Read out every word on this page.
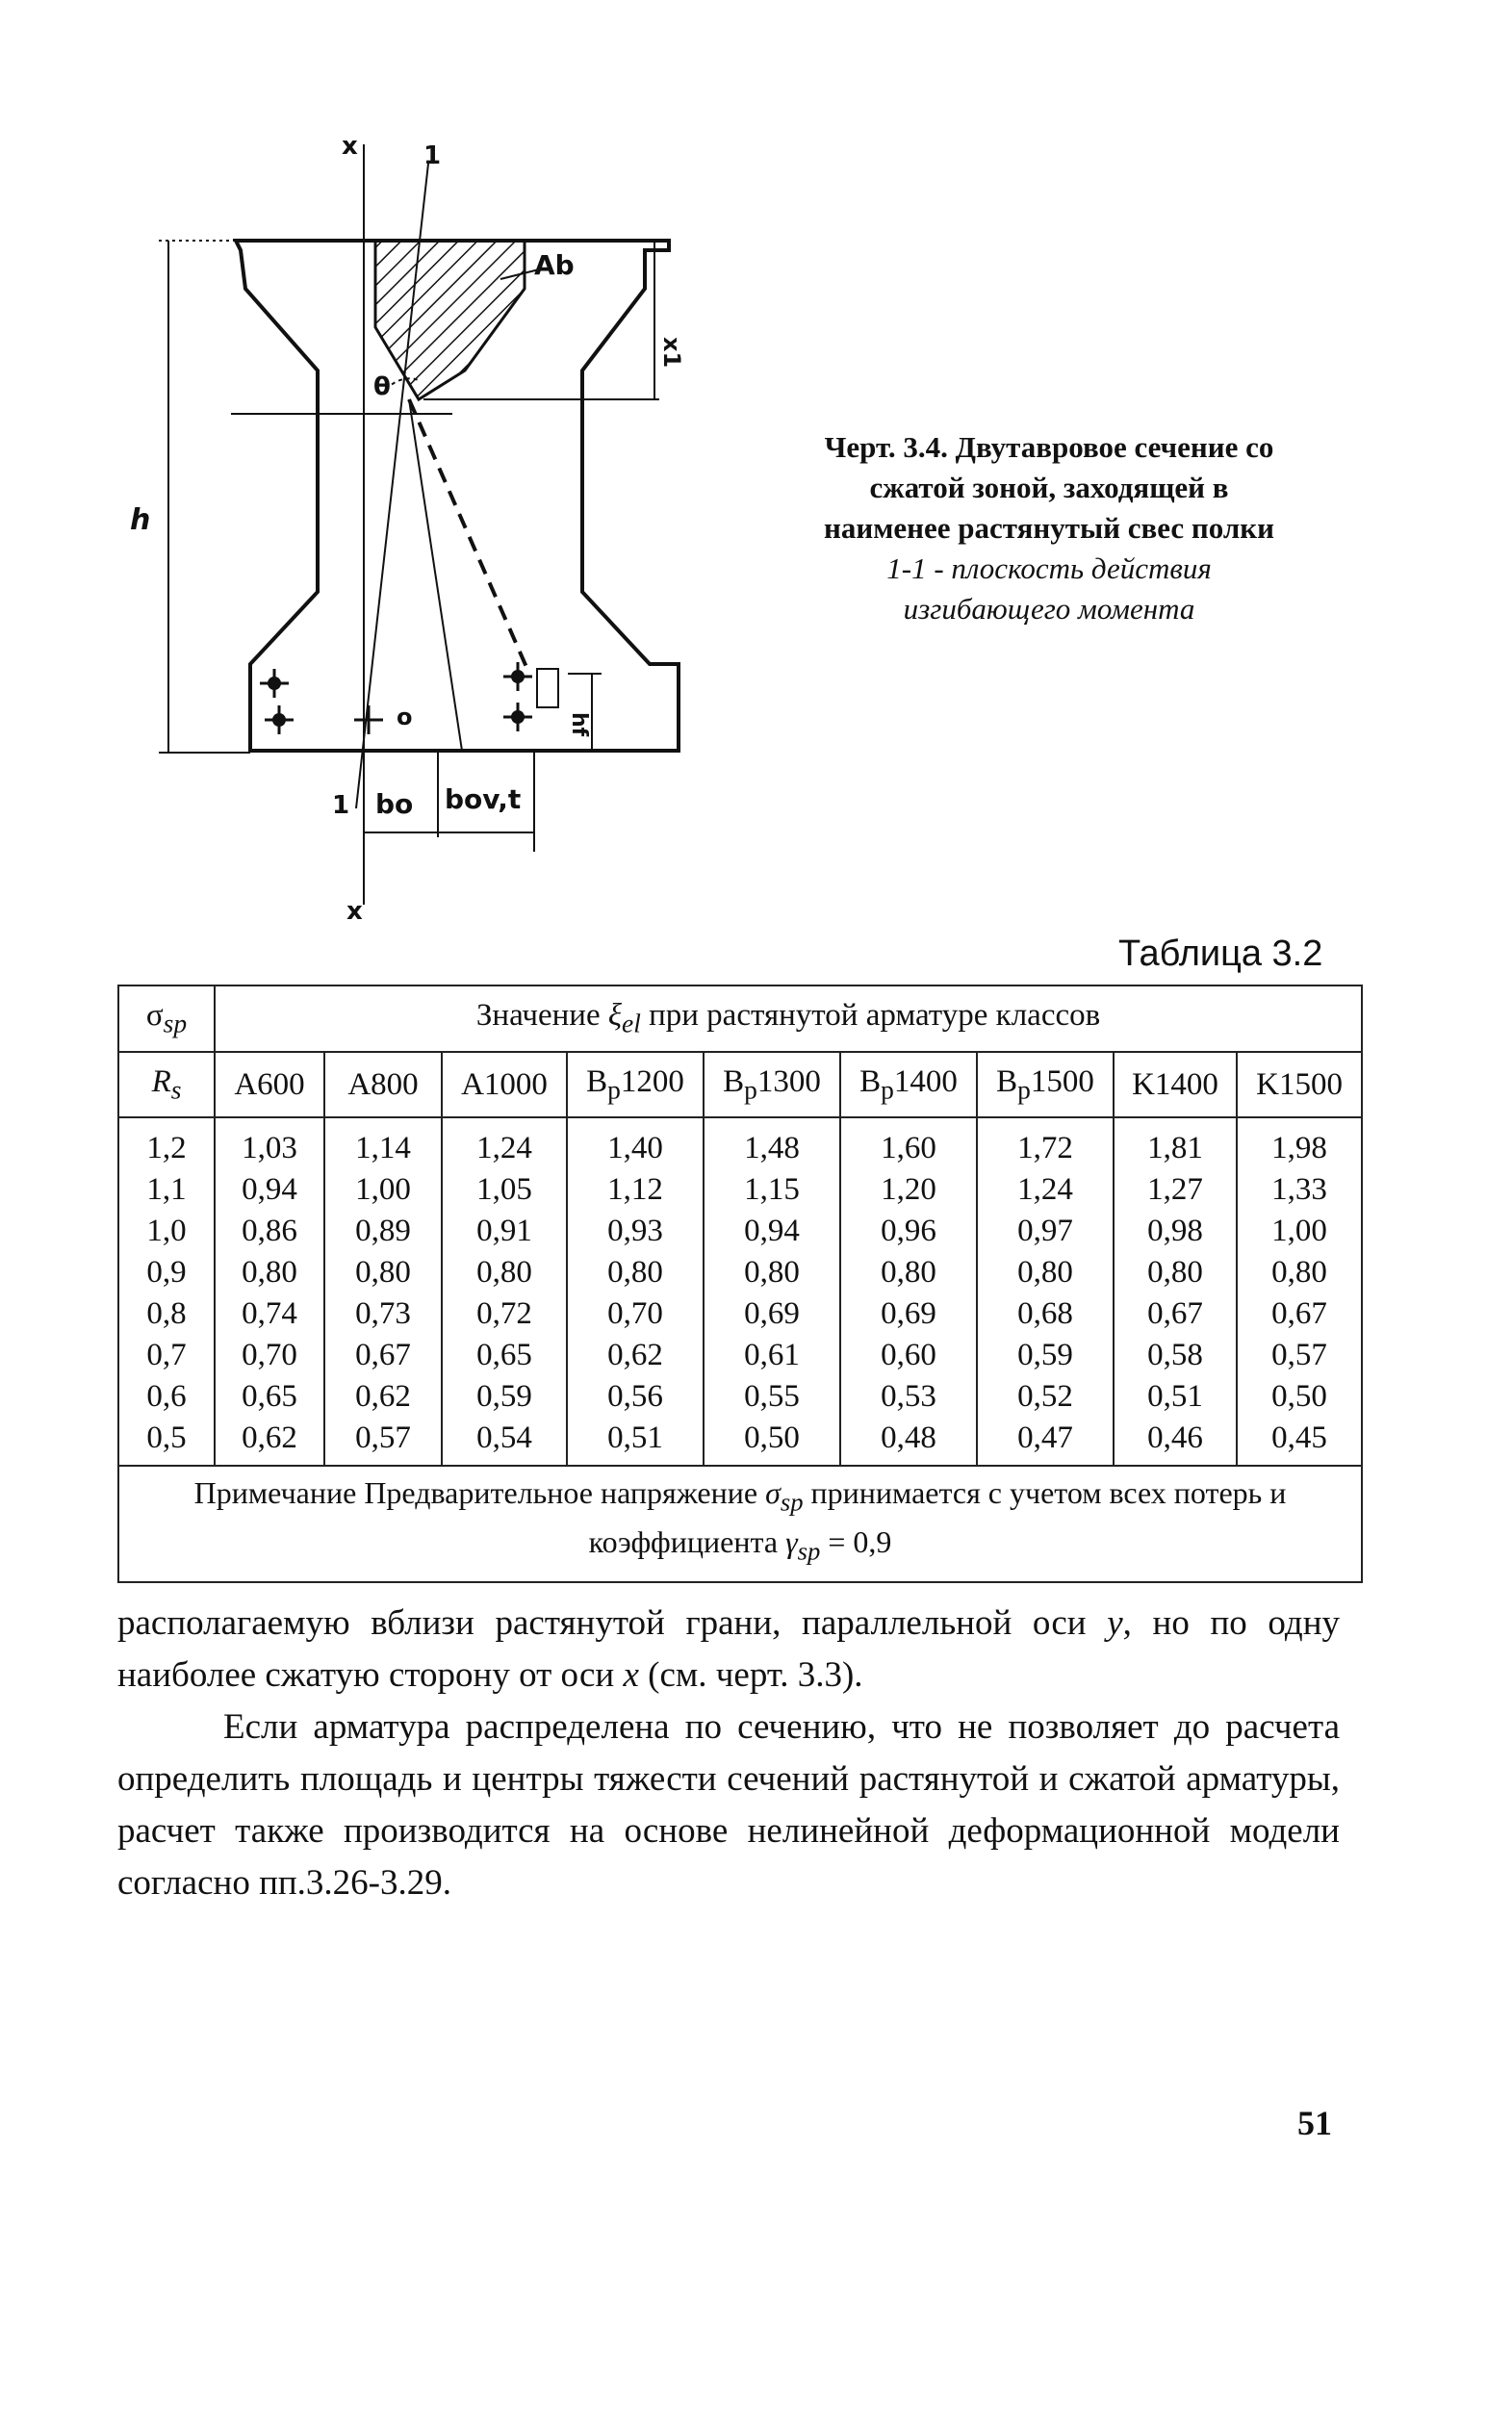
h
x
x
1
1
x1
Ab
θ
o	hf
bo bov,t
Черт. 3.4. Двутавровое сечение со
сжатой зоной, заходящей в
наименее растянутый свес полки
1-1 - плоскость действия
изгибающего момента
Таблица 3.2
$\sigma_{sp}$	Значение $\xi_{el}$ при растянутой арматуре классов								
$R_s$	A600	A800	A1000	$B_p1200$	$B_p1300$	$B_p1400$	$B_p1500$	K1400	K1500
1,2	1,03	1,14	1,24	1,40	1,48	1,60	1,72	1,81	1,98
1,1	0,94	1,00	1,05	1,12	1,15	1,20	1,24	1,27	1,33
1,0	0,86	0,89	0,91	0,93	0,94	0,96	0,97	0,98	1,00
0,9	0,80	0,80	0,80	0,80	0,80	0,80	0,80	0,80	0,80
0,8	0,74	0,73	0,72	0,70	0,69	0,69	0,68	0,67	0,67
0,7	0,70	0,67	0,65	0,62	0,61	0,60	0,59	0,58	0,57
0,6	0,65	0,62	0,59	0,56	0,55	0,53	0,52	0,51	0,50
0,5	0,62	0,57	0,54	0,51	0,50	0,48	0,47	0,46	0,45
Примечание Предварительное напряжение $\sigma_{sp}$ принимается с учетом всех потерь и коэффициента $\gamma_{sp} = 0,9$									

располагаемую вблизи растянутой грани, параллельной оси y, но по одну наиболее сжатую сторону от оси x (см. черт. 3.3).

Если арматура распределена по сечению, что не позволяет до расчета определить площадь и центры тяжести сечений растянутой и сжатой арматуры, расчет также производится на основе нелинейной деформационной модели согласно пп.3.26-3.29.

51
